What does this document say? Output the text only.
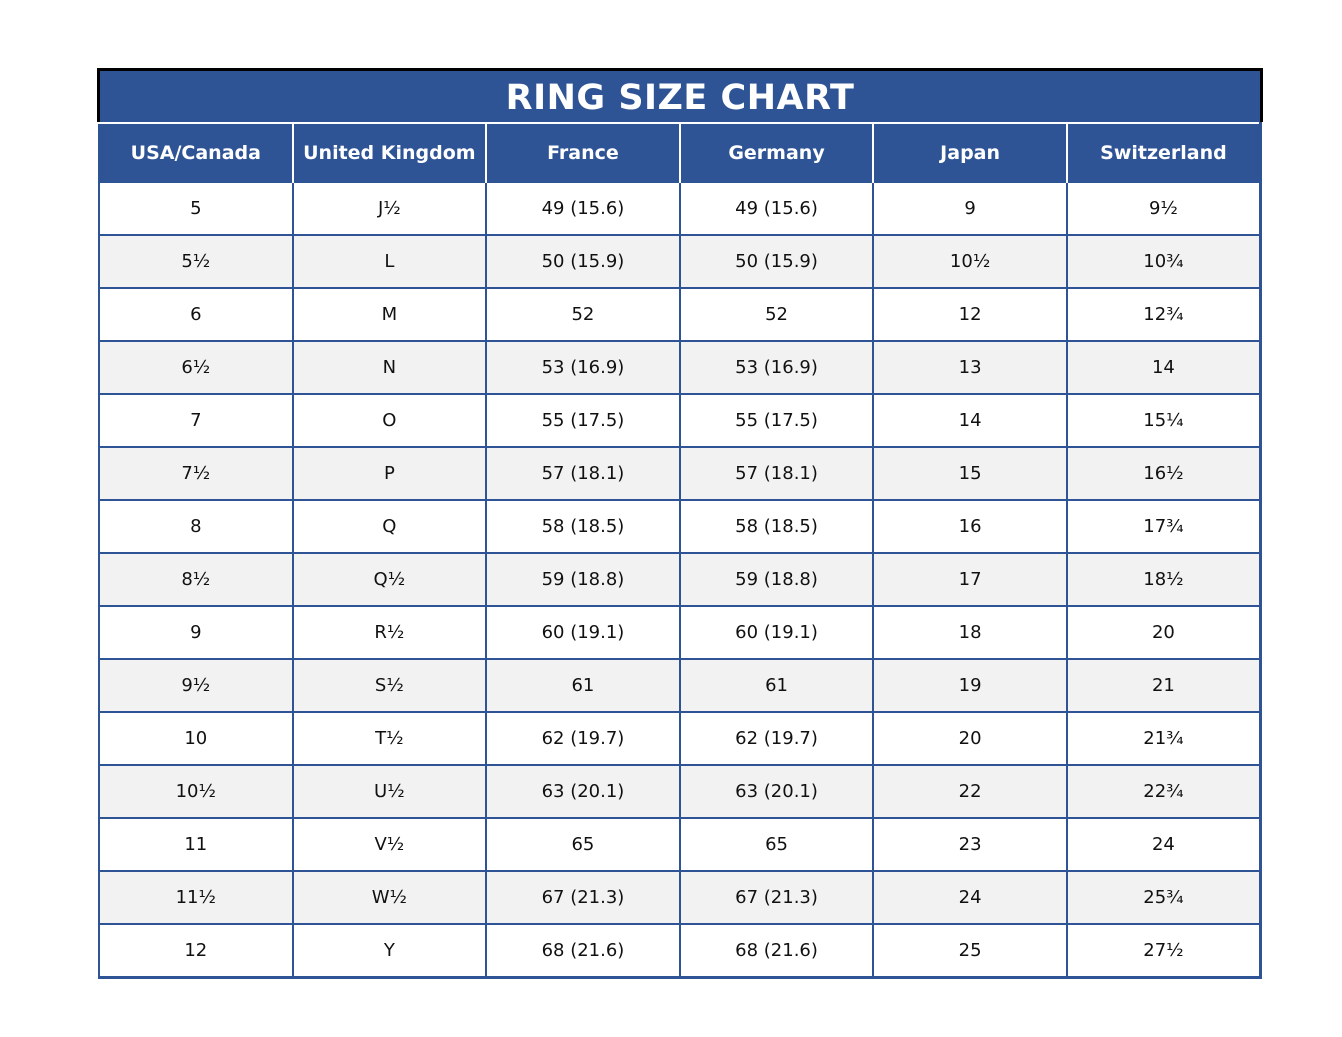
RING SIZE CHART
USA/Canada	United Kingdom	France	Germany	Japan	Switzerland
5	J½	49 (15.6)	49 (15.6)	9	9½
5½	L	50 (15.9)	50 (15.9)	10½	10¾
6	M	52	52	12	12¾
6½	N	53 (16.9)	53 (16.9)	13	14
7	O	55 (17.5)	55 (17.5)	14	15¼
7½	P	57 (18.1)	57 (18.1)	15	16½
8	Q	58 (18.5)	58 (18.5)	16	17¾
8½	Q½	59 (18.8)	59 (18.8)	17	18½
9	R½	60 (19.1)	60 (19.1)	18	20
9½	S½	61	61	19	21
10	T½	62 (19.7)	62 (19.7)	20	21¾
10½	U½	63 (20.1)	63 (20.1)	22	22¾
11	V½	65	65	23	24
11½	W½	67 (21.3)	67 (21.3)	24	25¾
12	Y	68 (21.6)	68 (21.6)	25	27½
